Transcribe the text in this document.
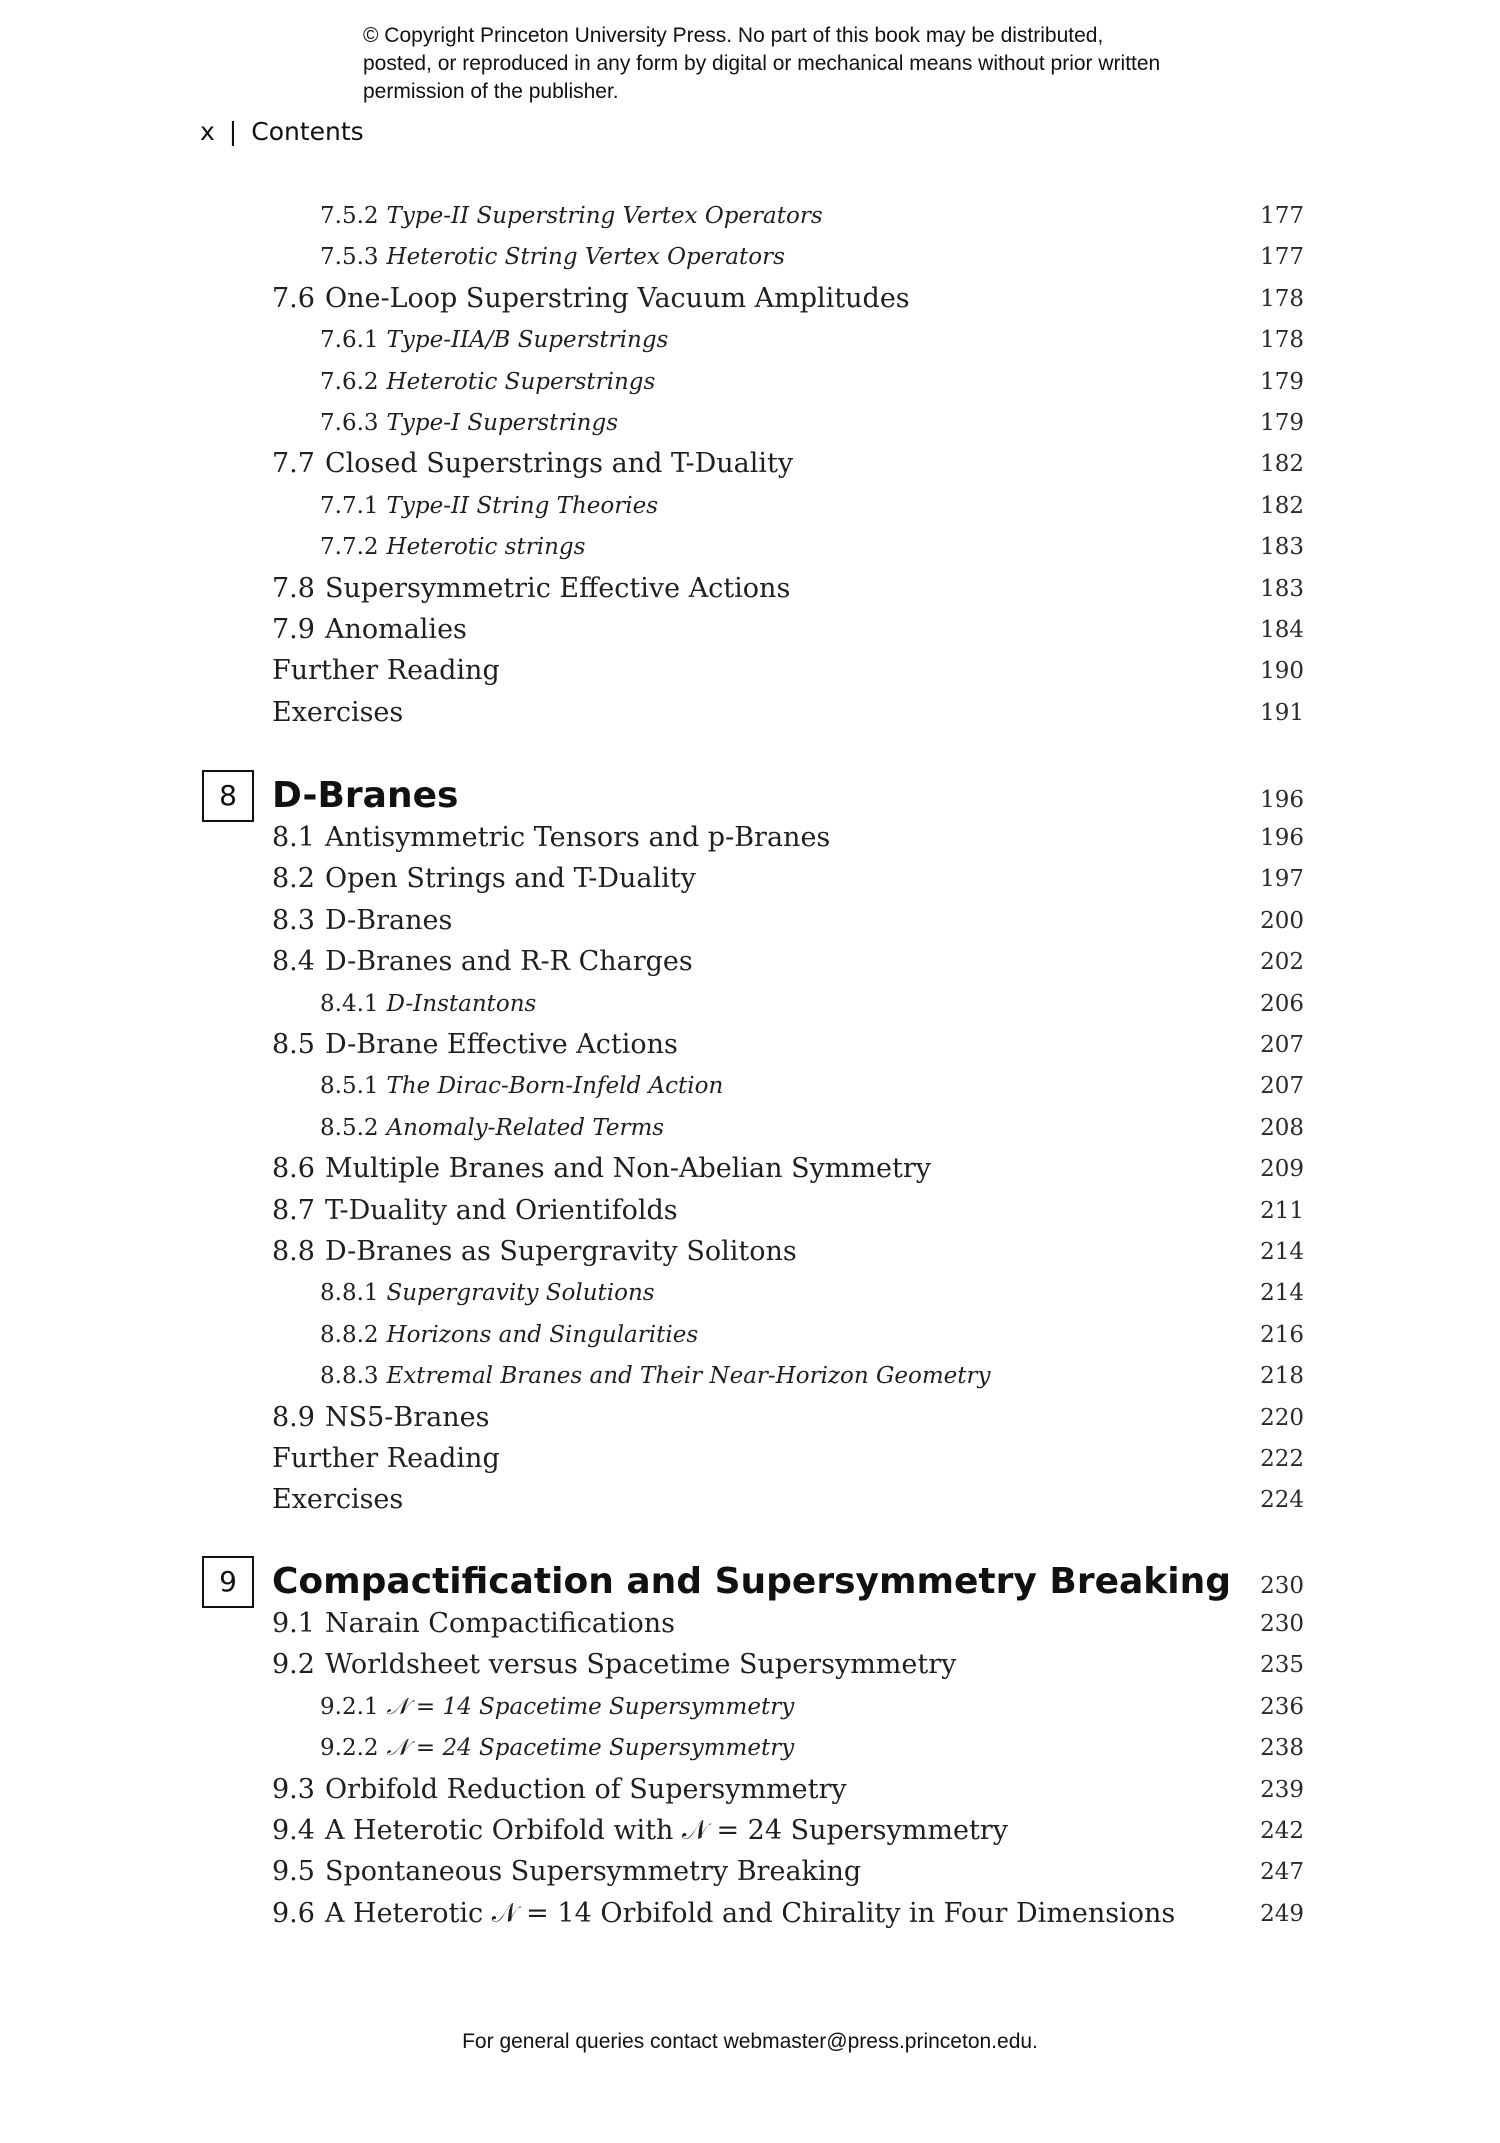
© Copyright Princeton University Press. No part of this book may be distributed, posted, or reproduced in any form by digital or mechanical means without prior written permission of the publisher.
x | Contents
7.5.2 Type-II Superstring Vertex Operators	177
7.5.3 Heterotic String Vertex Operators	177
7.6 One-Loop Superstring Vacuum Amplitudes	178
7.6.1 Type-IIA/B Superstrings	178
7.6.2 Heterotic Superstrings	179
7.6.3 Type-I Superstrings	179
7.7 Closed Superstrings and T-Duality	182
7.7.1 Type-II String Theories	182
7.7.2 Heterotic strings	183
7.8 Supersymmetric Effective Actions	183
7.9 Anomalies	184
Further Reading	190
Exercises	191
8 D-Branes	196
8.1 Antisymmetric Tensors and p-Branes	196
8.2 Open Strings and T-Duality	197
8.3 D-Branes	200
8.4 D-Branes and R-R Charges	202
8.4.1 D-Instantons	206
8.5 D-Brane Effective Actions	207
8.5.1 The Dirac-Born-Infeld Action	207
8.5.2 Anomaly-Related Terms	208
8.6 Multiple Branes and Non-Abelian Symmetry	209
8.7 T-Duality and Orientifolds	211
8.8 D-Branes as Supergravity Solitons	214
8.8.1 Supergravity Solutions	214
8.8.2 Horizons and Singularities	216
8.8.3 Extremal Branes and Their Near-Horizon Geometry	218
8.9 NS5-Branes	220
Further Reading	222
Exercises	224
9 Compactification and Supersymmetry Breaking 230
9.1 Narain Compactifications	230
9.2 Worldsheet versus Spacetime Supersymmetry	235
9.2.1 𝒩 = 14 Spacetime Supersymmetry	236
9.2.2 𝒩 = 24 Spacetime Supersymmetry	238
9.3 Orbifold Reduction of Supersymmetry	239
9.4 A Heterotic Orbifold with 𝒩 = 24 Supersymmetry	242
9.5 Spontaneous Supersymmetry Breaking	247
9.6 A Heterotic 𝒩 = 14 Orbifold and Chirality in Four Dimensions	249
For general queries contact webmaster@press.princeton.edu.
